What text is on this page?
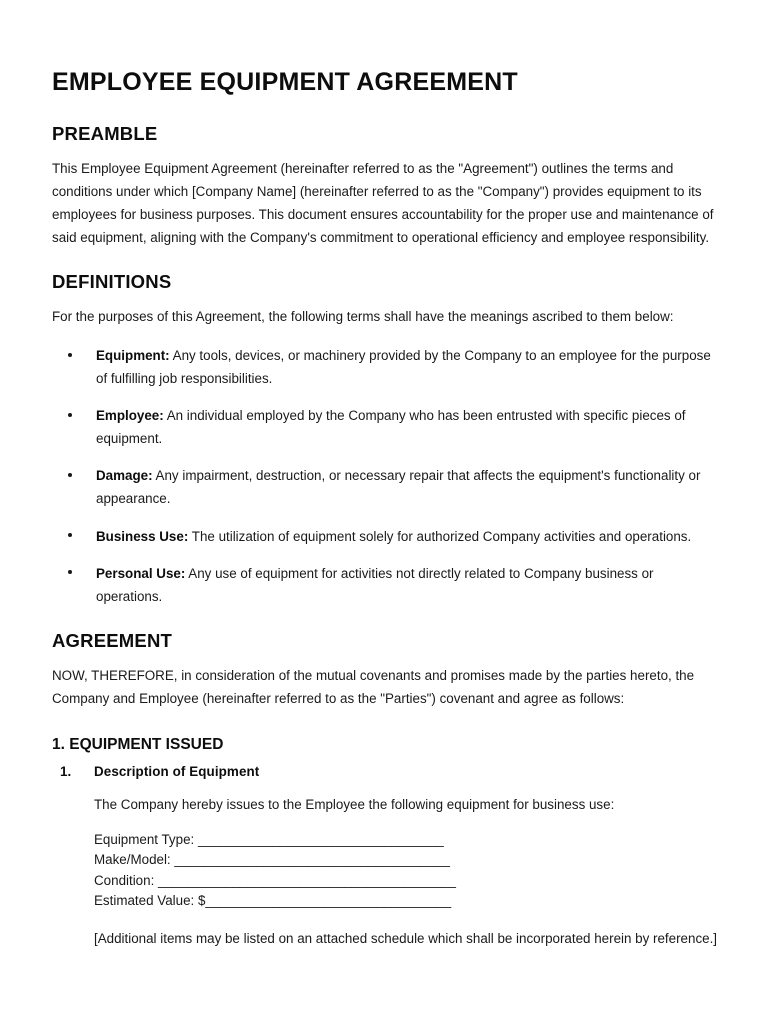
EMPLOYEE EQUIPMENT AGREEMENT
PREAMBLE

This Employee Equipment Agreement (hereinafter referred to as the "Agreement") outlines the terms and conditions under which [Company Name] (hereinafter referred to as the "Company") provides equipment to its employees for business purposes. This document ensures accountability for the proper use and maintenance of said equipment, aligning with the Company's commitment to operational efficiency and employee responsibility.

DEFINITIONS

For the purposes of this Agreement, the following terms shall have the meanings ascribed to them below:

Equipment: Any tools, devices, or machinery provided by the Company to an employee for the purpose of fulfilling job responsibilities.
Employee: An individual employed by the Company who has been entrusted with specific pieces of equipment.
Damage: Any impairment, destruction, or necessary repair that affects the equipment's functionality or appearance.
Business Use: The utilization of equipment solely for authorized Company activities and operations.
Personal Use: Any use of equipment for activities not directly related to Company business or operations.
AGREEMENT

NOW, THEREFORE, in consideration of the mutual covenants and promises made by the parties hereto, the Company and Employee (hereinafter referred to as the "Parties") covenant and agree as follows:

1. EQUIPMENT ISSUED
1. Description of Equipment
The Company hereby issues to the Employee the following equipment for business use:
Equipment Type: _________________________________
Make/Model: _____________________________________
Condition: ________________________________________
Estimated Value: $_________________________________
[Additional items may be listed on an attached schedule which shall be incorporated herein by reference.]
